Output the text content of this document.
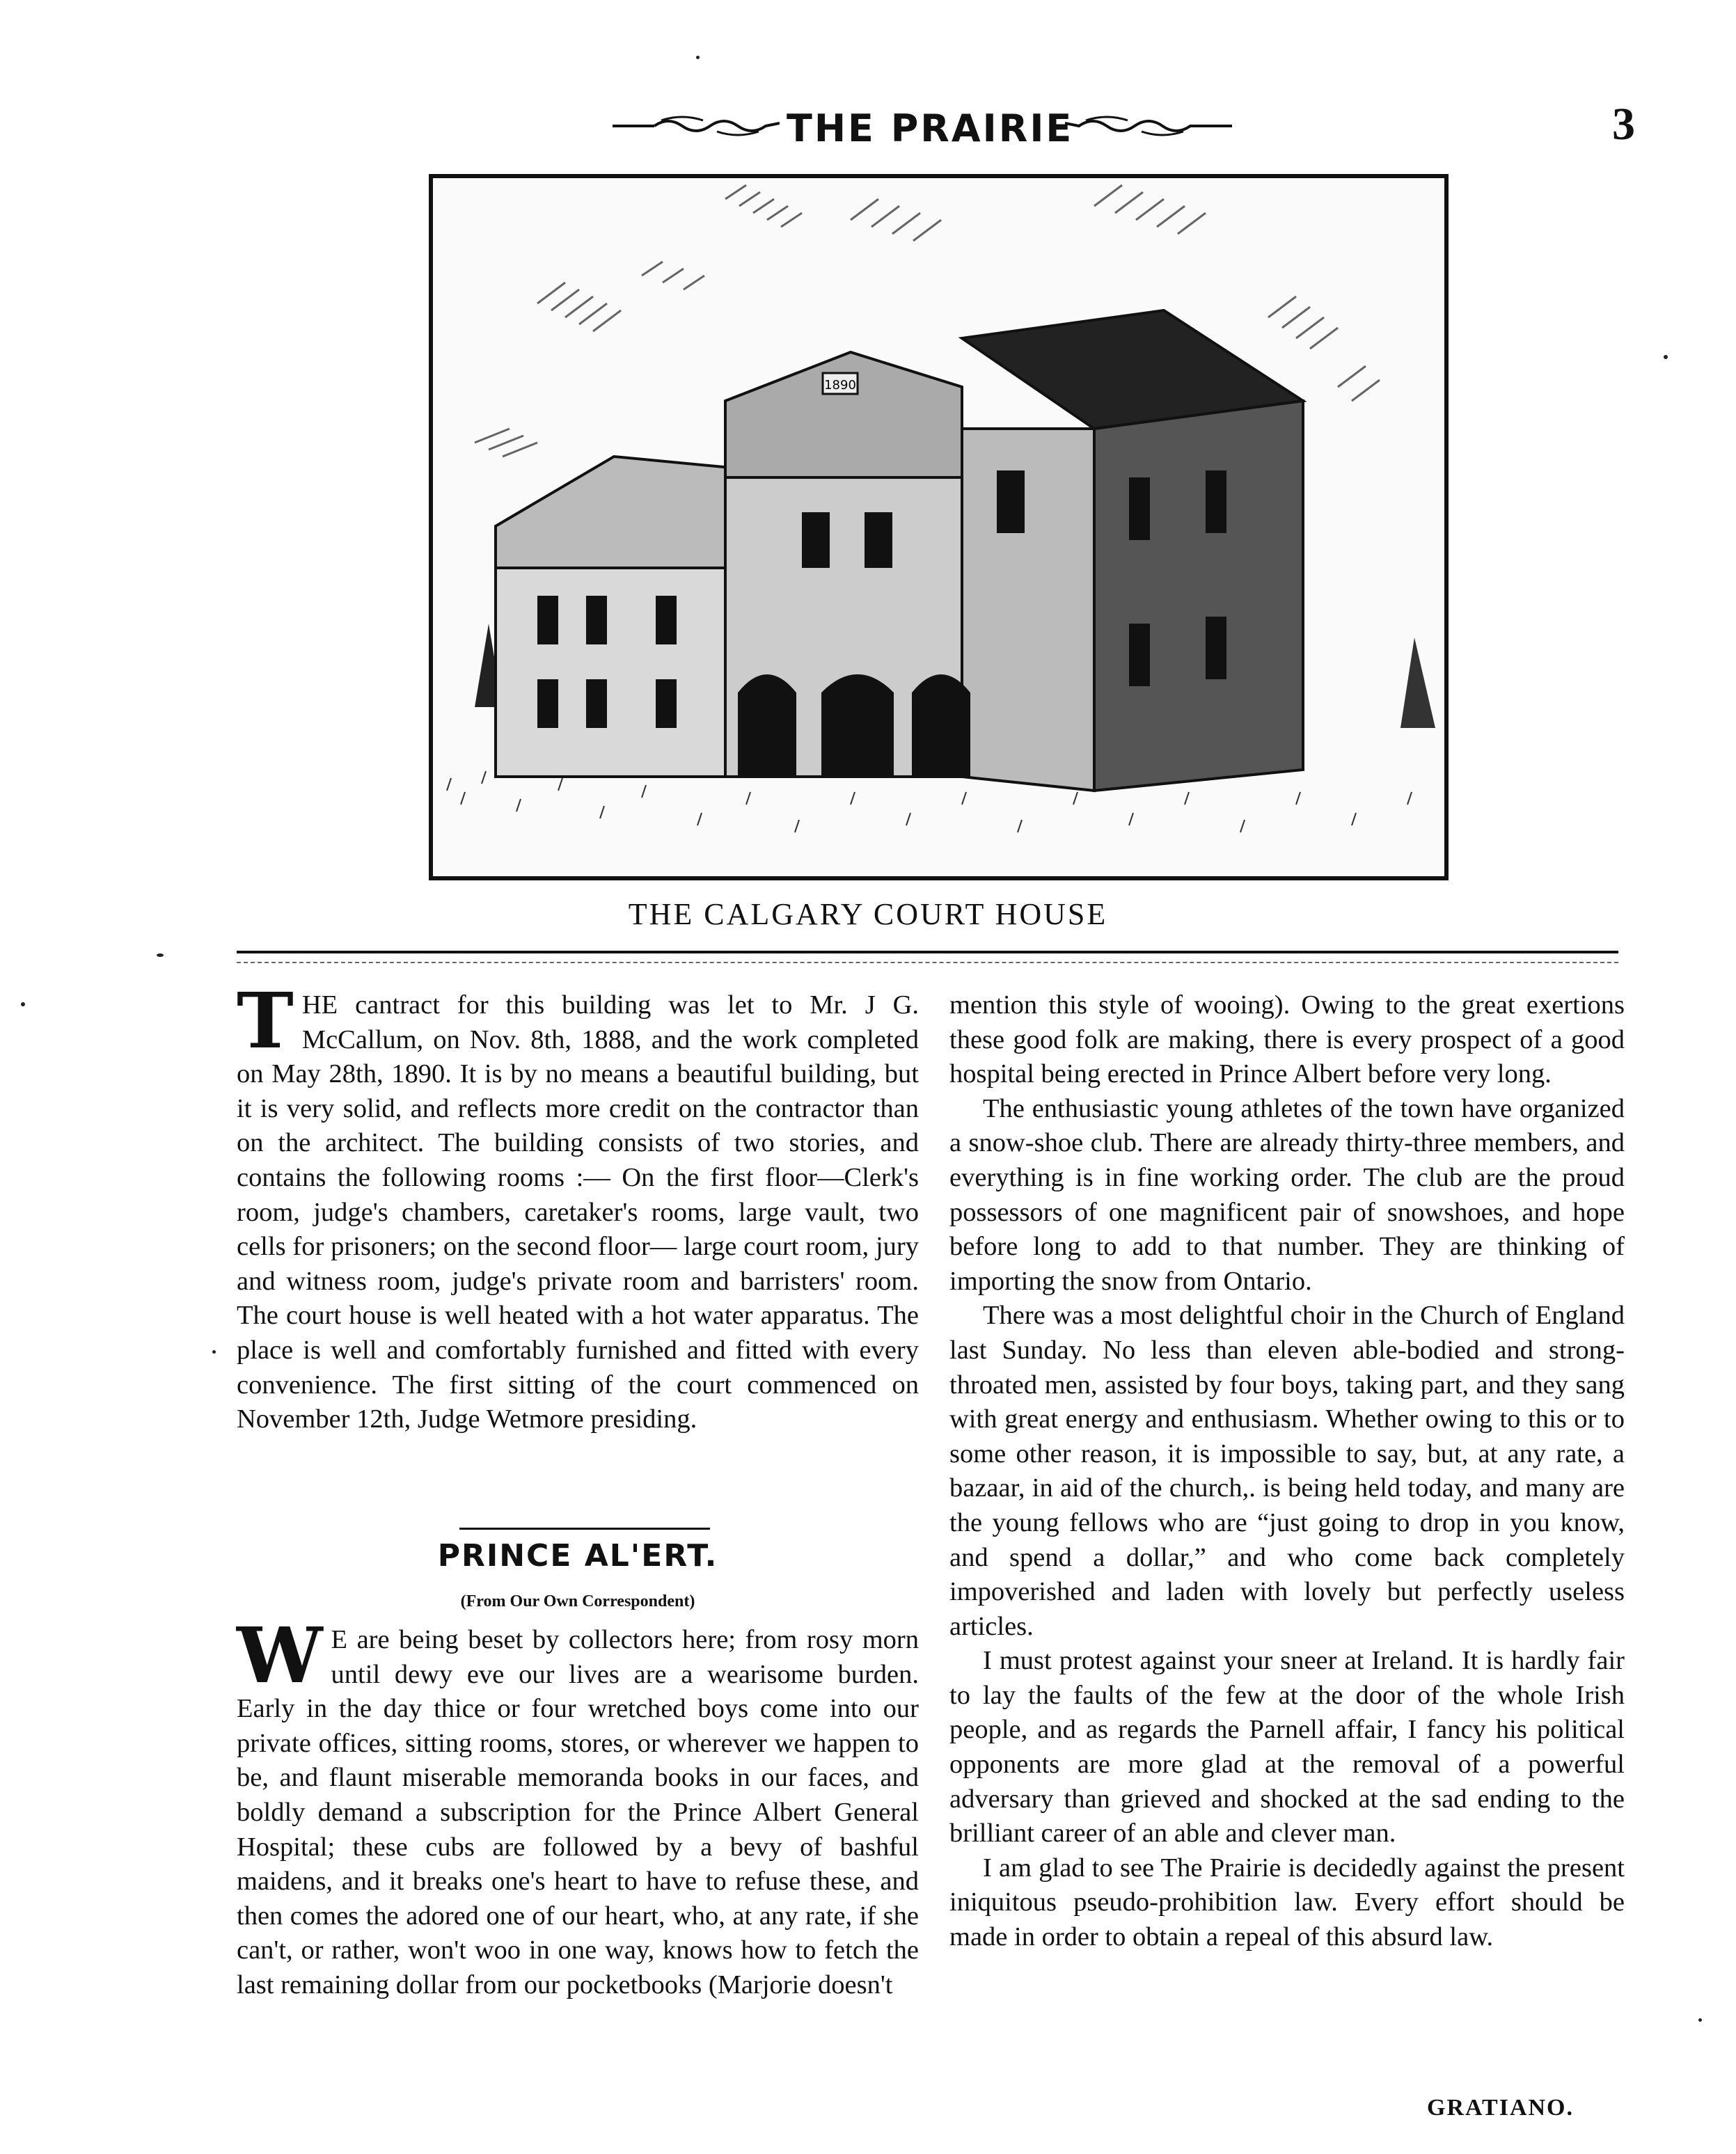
THE PRAIRIE	3
1890
THE CALGARY COURT HOUSE

THE cantract for this building was let to Mr. J G. McCallum, on Nov. 8th, 1888, and the work completed on May 28th, 1890. It is by no means a beautiful building, but it is very solid, and reflects more credit on the contractor than on the architect. The building consists of two stories, and contains the following rooms :— On the first floor—Clerk's room, judge's chambers, caretaker's rooms, large vault, two cells for prisoners; on the second floor— large court room, jury and witness room, judge's private room and barristers' room. The court house is well heated with a hot water apparatus. The place is well and comfortably furnished and fitted with every convenience. The first sitting of the court commenced on November 12th, Judge Wetmore presiding.

PRINCE AL'ERT.
(From Our Own Correspondent)

W E are being beset by collectors here; from rosy morn until dewy eve our lives are a wearisome burden. Early in the day thice or four wretched boys come into our private offices, sitting rooms, stores, or wherever we happen to be, and flaunt miserable memoranda books in our faces, and boldly demand a subscription for the Prince Albert General Hospital; these cubs are followed by a bevy of bashful maidens, and it breaks one's heart to have to refuse these, and then comes the adored one of our heart, who, at any rate, if she can't, or rather, won't woo in one way, knows how to fetch the last remaining dollar from our pocketbooks (Marjorie doesn't

mention this style of wooing). Owing to the great exertions these good folk are making, there is every prospect of a good hospital being erected in Prince Albert before very long.

The enthusiastic young athletes of the town have organized a snow-shoe club. There are already thirty-three members, and everything is in fine working order. The club are the proud possessors of one magnificent pair of snowshoes, and hope before long to add to that number. They are thinking of importing the snow from Ontario.

There was a most delightful choir in the Church of England last Sunday. No less than eleven able-bodied and strong-throated men, assisted by four boys, taking part, and they sang with great energy and enthusiasm. Whether owing to this or to some other reason, it is impossible to say, but, at any rate, a bazaar, in aid of the church,. is being held today, and many are the young fellows who are “just going to drop in you know, and spend a dollar,” and who come back completely impoverished and laden with lovely but perfectly useless articles.

I must protest against your sneer at Ireland. It is hardly fair to lay the faults of the few at the door of the whole Irish people, and as regards the Parnell affair, I fancy his political opponents are more glad at the removal of a powerful adversary than grieved and shocked at the sad ending to the brilliant career of an able and clever man.

I am glad to see The Prairie is decidedly against the present iniquitous pseudo-prohibition law. Every effort should be made in order to obtain a repeal of this absurd law.

GRATIANO.
